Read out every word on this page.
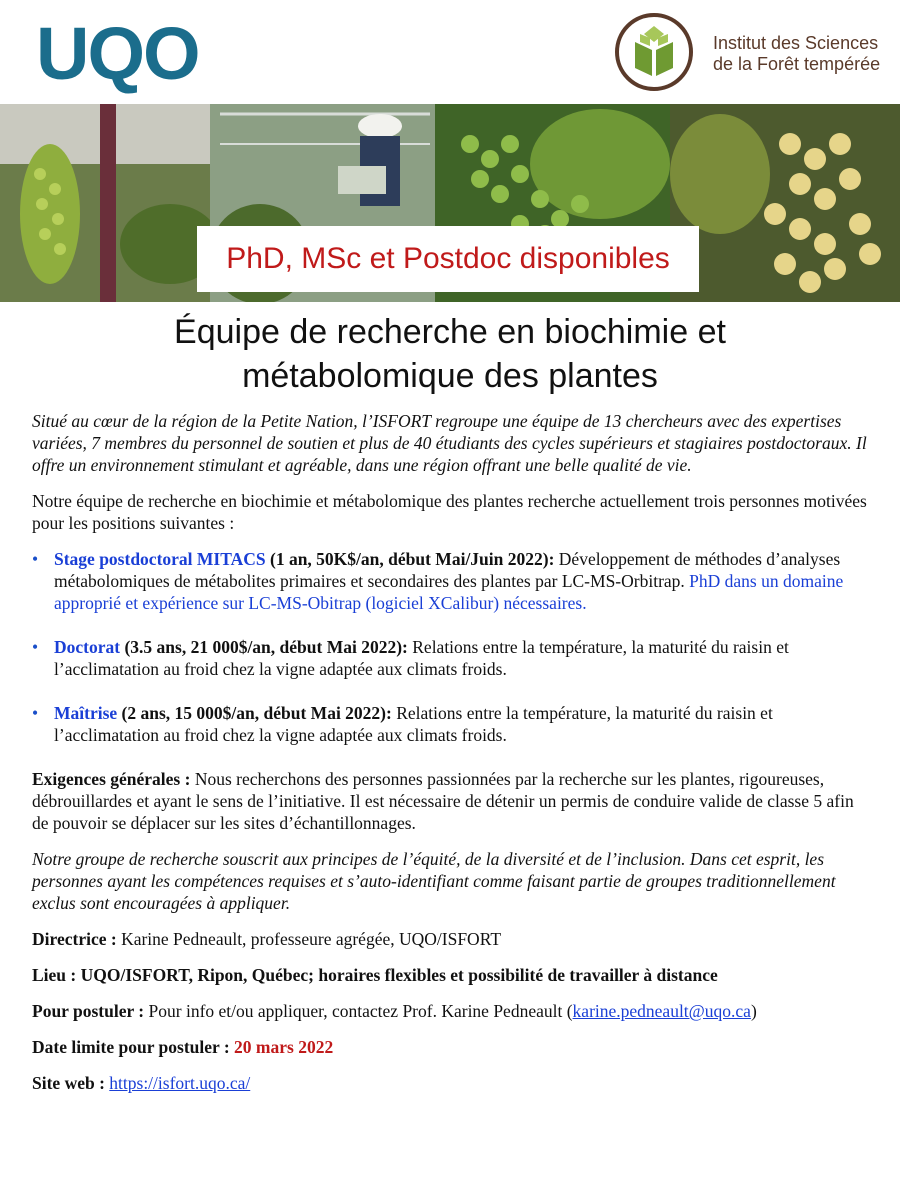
UQO	Institut des Sciences
de la Forêt tempérée
PhD, MSc et Postdoc disponibles
Équipe de recherche en biochimie et
métabolomique des plantes

Situé au cœur de la région de la Petite Nation, l’ISFORT regroupe une équipe de 13 chercheurs avec des expertises variées, 7 membres du personnel de soutien et plus de 40 étudiants des cycles supérieurs et stagiaires postdoctoraux. Il offre un environnement stimulant et agréable, dans une région offrant une belle qualité de vie.

Notre équipe de recherche en biochimie et métabolomique des plantes recherche actuellement trois personnes motivées pour les positions suivantes :

• Stage postdoctoral MITACS (1 an, 50K$/an, début Mai/Juin 2022): Développement de méthodes d’analyses métabolomiques de métabolites primaires et secondaires des plantes par LC-MS-Orbitrap. PhD dans un domaine approprié et expérience sur LC-MS-Obitrap (logiciel XCalibur) nécessaires.
• Doctorat (3.5 ans, 21 000$/an, début Mai 2022): Relations entre la température, la maturité du raisin et l’acclimatation au froid chez la vigne adaptée aux climats froids.
• Maîtrise (2 ans, 15 000$/an, début Mai 2022): Relations entre la température, la maturité du raisin et l’acclimatation au froid chez la vigne adaptée aux climats froids.

Exigences générales : Nous recherchons des personnes passionnées par la recherche sur les plantes, rigoureuses, débrouillardes et ayant le sens de l’initiative. Il est nécessaire de détenir un permis de conduire valide de classe 5 afin de pouvoir se déplacer sur les sites d’échantillonnages.

Notre groupe de recherche souscrit aux principes de l’équité, de la diversité et de l’inclusion. Dans cet esprit, les personnes ayant les compétences requises et s’auto-identifiant comme faisant partie de groupes traditionnellement exclus sont encouragées à appliquer.

Directrice : Karine Pedneault, professeure agrégée, UQO/ISFORT

Lieu : UQO/ISFORT, Ripon, Québec; horaires flexibles et possibilité de travailler à distance

Pour postuler : Pour info et/ou appliquer, contactez Prof. Karine Pedneault (karine.pedneault@uqo.ca)

Date limite pour postuler : 20 mars 2022

Site web : https://isfort.uqo.ca/
